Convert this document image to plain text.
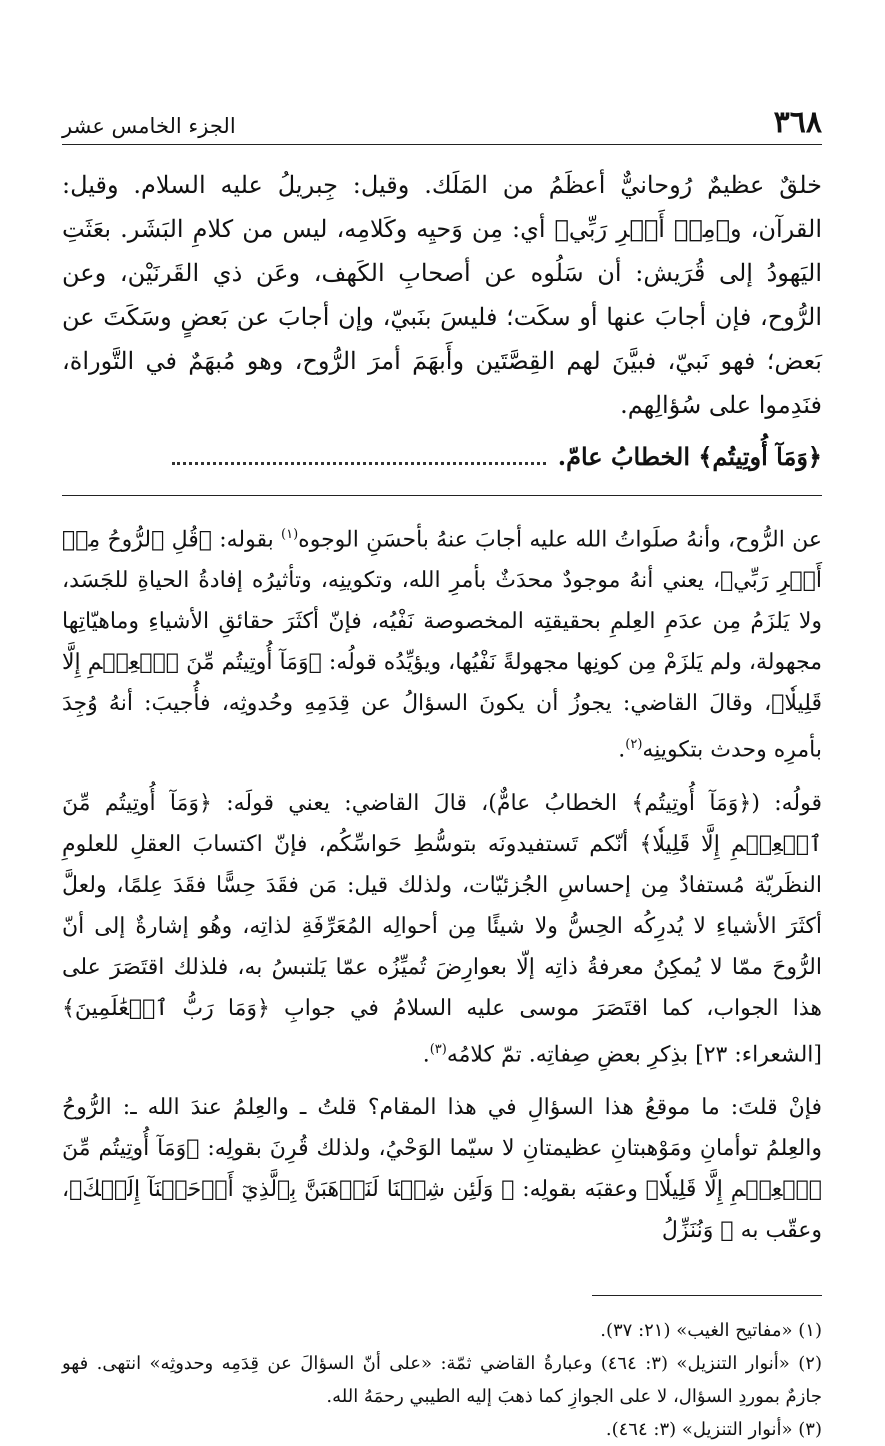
٣٦٨
الجزء الخامس عشر

خلقٌ عظيمٌ رُوحانيٌّ أعظَمُ من المَلَك. وقيل: جِبريلُ عليه السلام. وقيل: القرآن، و﴿مِنۡ أَمۡرِ رَبِّي﴾ أي: مِن وَحيِه وكَلامِه، ليس من كلامِ البَشَر. بعَثَتِ اليَهودُ إلى قُرَيش: أن سَلُوه عن أصحابِ الكَهف، وعَن ذي القَرنَيْن، وعن الرُّوح، فإن أجابَ عنها أو سكَت؛ فليسَ بنَبيّ، وإن أجابَ عن بَعضٍ وسَكَتَ عن بَعض؛ فهو نَبيّ، فبيَّنَ لهم القِصَّتَين وأَبهَمَ أمرَ الرُّوح، وهو مُبهَمٌ في التَّوراة، فنَدِموا على سُؤالِهم.

﴿وَمَآ أُوتِيتُم﴾ الخطابُ عامّ.

عن الرُّوح، وأنهُ صلَواتُ الله عليه أجابَ عنهُ بأحسَنِ الوجوه$^{(١)}$ بقوله: ﴿قُلِ ٱلرُّوحُ مِنۡ أَمۡرِ رَبِّي﴾، يعني أنهُ موجودٌ محدَثٌ بأمرِ الله، وتكوينِه، وتأثيرُه إفادةُ الحياةِ للجَسَد، ولا يَلزَمُ مِن عدَمِ العِلمِ بحقيقتِه المخصوصة نَفْيُه، فإنّ أكثَرَ حقائقِ الأشياءِ وماهيّاتِها مجهولة، ولم يَلزَمْ مِن كونِها مجهولةً نَفْيُها، ويؤيِّدُه قولُه: ﴿وَمَآ أُوتِيتُم مِّنَ ٱلۡعِلۡمِ إِلَّا قَلِيلٗا﴾، وقالَ القاضي: يجوزُ أن يكونَ السؤالُ عن قِدَمِهِ وحُدوثِه، فأُجيبَ: أنهُ وُجِدَ بأمرِه وحدث بتكوينِه$^{(٢)}$.

قولُه: (﴿وَمَآ أُوتِيتُم﴾ الخطابُ عامٌّ)، قالَ القاضي: يعني قولَه: ﴿وَمَآ أُوتِيتُم مِّنَ ٱلۡعِلۡمِ إِلَّا قَلِيلٗا﴾ أنّكم تَستفيدونَه بتوسُّطِ حَواسِّكُم، فإنّ اكتسابَ العقلِ للعلومِ النظَريّة مُستفادٌ مِن إحساسِ الجُزئيّات، ولذلك قيل: مَن فقَدَ حِسًّا فقَدَ عِلمًا، ولعلَّ أكثَرَ الأشياءِ لا يُدرِكُه الحِسُّ ولا شيئًا مِن أحوالِه المُعَرِّفَةِ لذاتِه، وهُو إشارةٌ إلى أنّ الرُّوحَ ممّا لا يُمكِنُ معرفةُ ذاتِه إلّا بعوارِضَ تُميِّزُه عمّا يَلتبسُ به، فلذلك اقتَصَرَ على هذا الجواب، كما اقتَصَرَ موسى عليه السلامُ في جوابِ ﴿وَمَا رَبُّ ٱلۡعَٰلَمِينَ﴾ [الشعراء: ٢٣] بذِكرِ بعضِ صِفاتِه. تمّ كلامُه$^{(٣)}$.

فإنْ قلتَ: ما موقعُ هذا السؤالِ في هذا المقام؟ قلتُ ـ والعِلمُ عندَ الله ـ: الرُّوحُ والعِلمُ توأمانِ ومَوْهبتانِ عظيمتانِ لا سيّما الوَحْيُ، ولذلك قُرِنَ بقولِه: ﴿وَمَآ أُوتِيتُم مِّنَ ٱلۡعِلۡمِ إِلَّا قَلِيلٗا﴾ وعقبَه بقولِه: ﴿ وَلَئِن شِئۡنَا لَنَذۡهَبَنَّ بِٱلَّذِيٓ أَوۡحَيۡنَآ إِلَيۡكَ﴾، وعقّب به ﴿ وَنُنَزِّلُ

(١) «مفاتيح الغيب» (٢١: ٣٧).

(٢) «أنوار التنزيل» (٣: ٤٦٤) وعبارةُ القاضي ثمّة: «على أنّ السؤالَ عن قِدَمِه وحدوثِه» انتهى. فهو جازمٌ بموردِ السؤال، لا على الجوازِ كما ذهبَ إليه الطيبي رحمَهُ الله.

(٣) «أنوار التنزيل» (٣: ٤٦٤).
